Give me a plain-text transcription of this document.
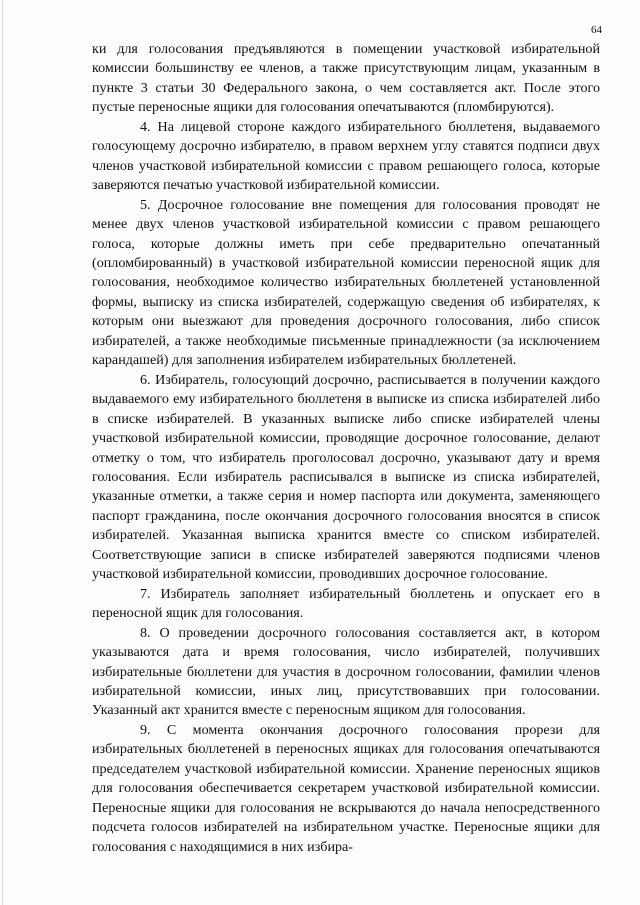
64

ки для голосования предъявляются в помещении участковой избирательной комиссии большинству ее членов, а также присутствующим лицам, указанным в пункте 3 статьи 30 Федерального закона, о чем составляется акт. После этого пустые переносные ящики для голосования опечатываются (пломбируются).

4. На лицевой стороне каждого избирательного бюллетеня, выдаваемого голосующему досрочно избирателю, в правом верхнем углу ставятся подписи двух членов участковой избирательной комиссии с правом решающего голоса, которые заверяются печатью участковой избирательной комиссии.

5. Досрочное голосование вне помещения для голосования проводят не менее двух членов участковой избирательной комиссии с правом решающего голоса, которые должны иметь при себе предварительно опечатанный (опломбированный) в участковой избирательной комиссии переносной ящик для голосования, необходимое количество избирательных бюллетеней установленной формы, выписку из списка избирателей, содержащую сведения об избирателях, к которым они выезжают для проведения досрочного голосования, либо список избирателей, а также необходимые письменные принадлежности (за исключением карандашей) для заполнения избирателем избирательных бюллетеней.

6. Избиратель, голосующий досрочно, расписывается в получении каждого выдаваемого ему избирательного бюллетеня в выписке из списка избирателей либо в списке избирателей. В указанных выписке либо списке избирателей члены участковой избирательной комиссии, проводящие досрочное голосование, делают отметку о том, что избиратель проголосовал досрочно, указывают дату и время голосования. Если избиратель расписывался в выписке из списка избирателей, указанные отметки, а также серия и номер паспорта или документа, заменяющего паспорт гражданина, после окончания досрочного голосования вносятся в список избирателей. Указанная выписка хранится вместе со списком избирателей. Соответствующие записи в списке избирателей заверяются подписями членов участковой избирательной комиссии, проводивших досрочное голосование.

7. Избиратель заполняет избирательный бюллетень и опускает его в переносной ящик для голосования.

8. О проведении досрочного голосования составляется акт, в котором указываются дата и время голосования, число избирателей, получивших избирательные бюллетени для участия в досрочном голосовании, фамилии членов избирательной комиссии, иных лиц, присутствовавших при голосовании. Указанный акт хранится вместе с переносным ящиком для голосования.

9. С момента окончания досрочного голосования прорези для избирательных бюллетеней в переносных ящиках для голосования опечатываются председателем участковой избирательной комиссии. Хранение переносных ящиков для голосования обеспечивается секретарем участковой избирательной комиссии. Переносные ящики для голосования не вскрываются до начала непосредственного подсчета голосов избирателей на избирательном участке. Переносные ящики для голосования с находящимися в них избира-
